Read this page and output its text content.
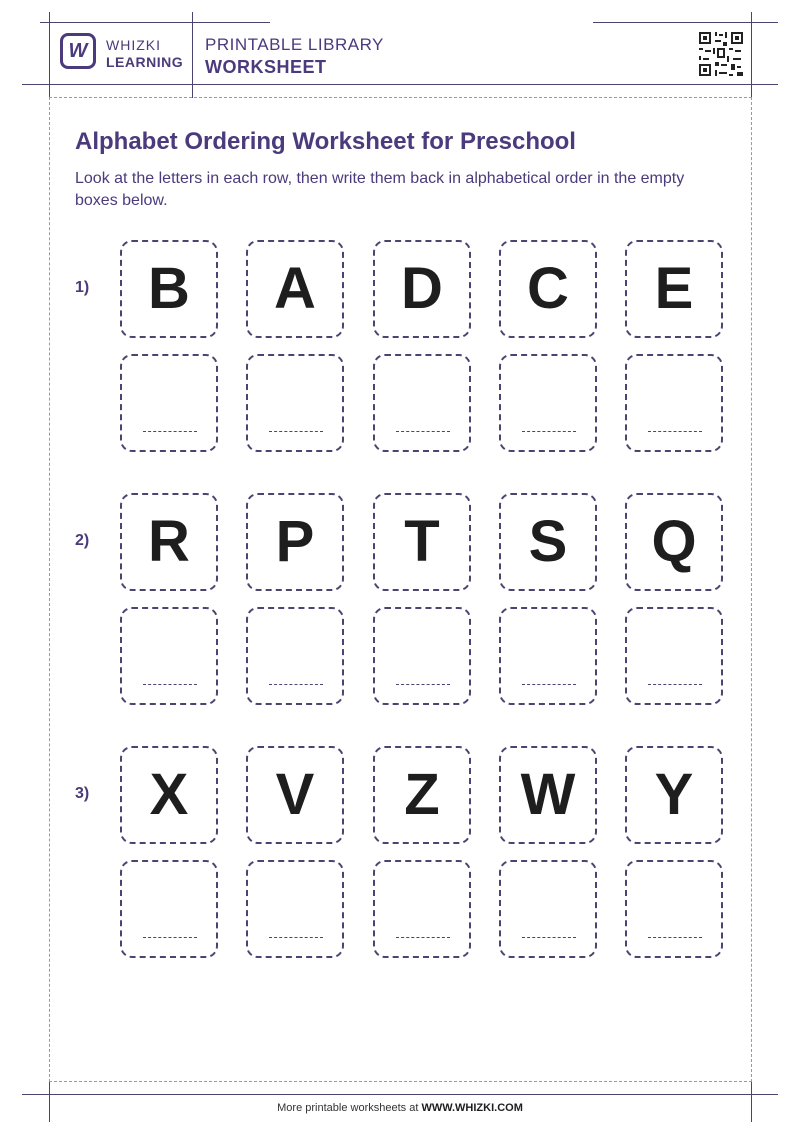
W WHIZKI
LEARNING
PRINTABLE LIBRARY
WORKSHEET
Alphabet Ordering Worksheet for Preschool
Look at the letters in each row, then write them back in alphabetical order in the empty boxes below.
1) B A D C E
2) R P T S Q
3) X V Z W Y
More printable worksheets at WWW.WHIZKI.COM
